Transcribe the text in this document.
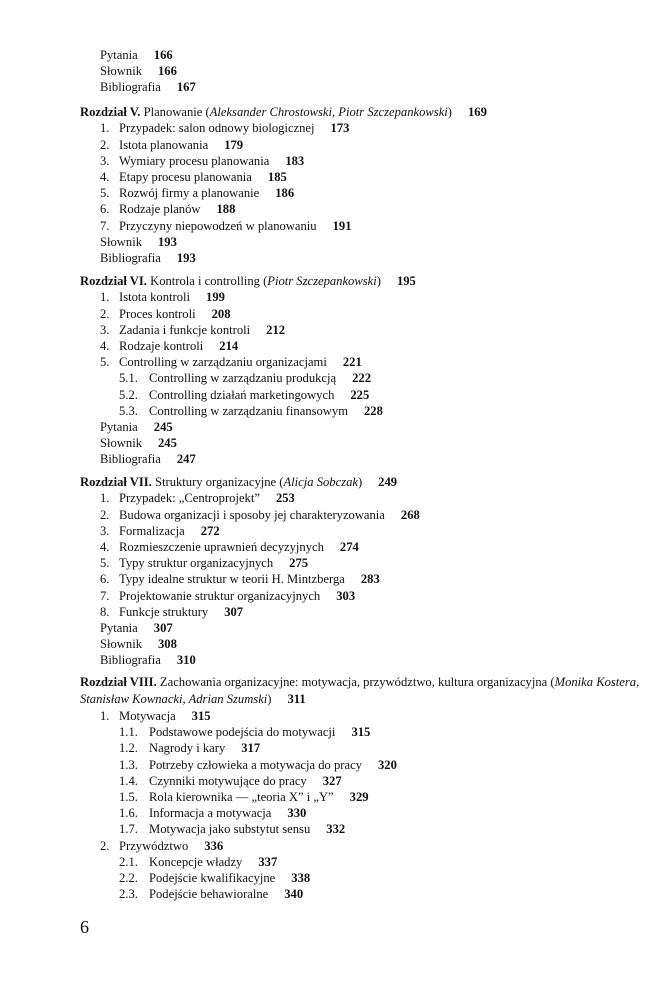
Pytania 166
Słownik 166
Bibliografia 167
Rozdział V. Planowanie (Aleksander Chrostowski, Piotr Szczepankowski) 169
1. Przypadek: salon odnowy biologicznej 173
2. Istota planowania 179
3. Wymiary procesu planowania 183
4. Etapy procesu planowania 185
5. Rozwój firmy a planowanie 186
6. Rodzaje planów 188
7. Przyczyny niepowodzeń w planowaniu 191
Słownik 193
Bibliografia 193
Rozdział VI. Kontrola i controlling (Piotr Szczepankowski) 195
1. Istota kontroli 199
2. Proces kontroli 208
3. Zadania i funkcje kontroli 212
4. Rodzaje kontroli 214
5. Controlling w zarządzaniu organizacjami 221
5.1. Controlling w zarządzaniu produkcją 222
5.2. Controlling działań marketingowych 225
5.3. Controlling w zarządzaniu finansowym 228
Pytania 245
Słownik 245
Bibliografia 247
Rozdział VII. Struktury organizacyjne (Alicja Sobczak) 249
1. Przypadek: „Centroprojekt” 253
2. Budowa organizacji i sposoby jej charakteryzowania 268
3. Formalizacja 272
4. Rozmieszczenie uprawnień decyzyjnych 274
5. Typy struktur organizacyjnych 275
6. Typy idealne struktur w teorii H. Mintzberga 283
7. Projektowanie struktur organizacyjnych 303
8. Funkcje struktury 307
Pytania 307
Słownik 308
Bibliografia 310
Rozdział VIII. Zachowania organizacyjne: motywacja, przywództwo, kultura organizacyjna (Monika Kostera, Stanisław Kownacki, Adrian Szumski) 311
1. Motywacja 315
1.1. Podstawowe podejścia do motywacji 315
1.2. Nagrody i kary 317
1.3. Potrzeby człowieka a motywacja do pracy 320
1.4. Czynniki motywujące do pracy 327
1.5. Rola kierownika — „teoria X” i „Y” 329
1.6. Informacja a motywacja 330
1.7. Motywacja jako substytut sensu 332
2. Przywództwo 336
2.1. Koncepcje władzy 337
2.2. Podejście kwalifikacyjne 338
2.3. Podejście behawioralne 340
6
